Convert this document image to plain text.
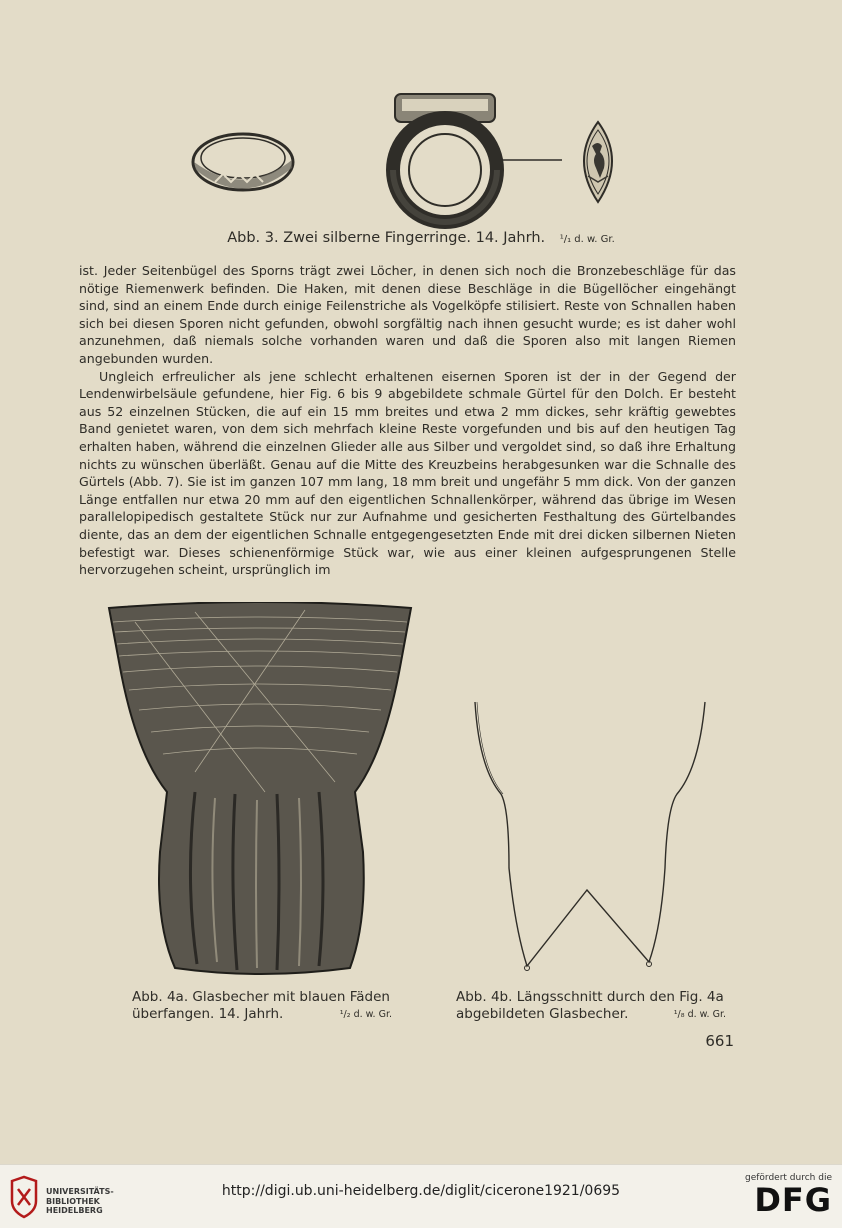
Abb. 3. Zwei silberne Fingerringe. 14. Jahrh. ¹/₁ d. w. Gr.

ist. Jeder Seitenbügel des Sporns trägt zwei Löcher, in denen sich noch die Bronzebeschläge für das nötige Riemenwerk befinden. Die Haken, mit denen diese Beschläge in die Bügellöcher eingehängt sind, sind an einem Ende durch einige Feilenstriche als Vogelköpfe stilisiert. Reste von Schnallen haben sich bei diesen Sporen nicht gefunden, obwohl sorgfältig nach ihnen gesucht wurde; es ist daher wohl anzunehmen, daß niemals solche vorhanden waren und daß die Sporen also mit langen Riemen angebunden wurden.

Ungleich erfreulicher als jene schlecht erhaltenen eisernen Sporen ist der in der Gegend der Lendenwirbelsäule gefundene, hier Fig. 6 bis 9 abgebildete schmale Gürtel für den Dolch. Er besteht aus 52 einzelnen Stücken, die auf ein 15 mm breites und etwa 2 mm dickes, sehr kräftig gewebtes Band genietet waren, von dem sich mehrfach kleine Reste vorgefunden und bis auf den heutigen Tag erhalten haben, während die einzelnen Glieder alle aus Silber und vergoldet sind, so daß ihre Erhaltung nichts zu wünschen überläßt. Genau auf die Mitte des Kreuzbeins herabgesunken war die Schnalle des Gürtels (Abb. 7). Sie ist im ganzen 107 mm lang, 18 mm breit und ungefähr 5 mm dick. Von der ganzen Länge entfallen nur etwa 20 mm auf den eigentlichen Schnallenkörper, während das übrige im Wesen parallelopipedisch gestaltete Stück nur zur Aufnahme und gesicherten Festhaltung des Gürtelbandes diente, das an dem der eigentlichen Schnalle entgegengesetzten Ende mit drei dicken silbernen Nieten befestigt war. Dieses schienenförmige Stück war, wie aus einer kleinen aufgesprungenen Stelle hervorzugehen scheint, ursprünglich im

Abb. 4a. Glasbecher mit blauen Fäden
überfangen. 14. Jahrh.	¹/₂ d. w. Gr.
Abb. 4b. Längsschnitt durch den Fig. 4a
abgebildeten Glasbecher.	¹/₈ d. w. Gr.
661
UNIVERSITÄTS-
BIBLIOTHEK
HEIDELBERG
http://digi.ub.uni-heidelberg.de/diglit/cicerone1921/0695
gefördert durch die
DFG
